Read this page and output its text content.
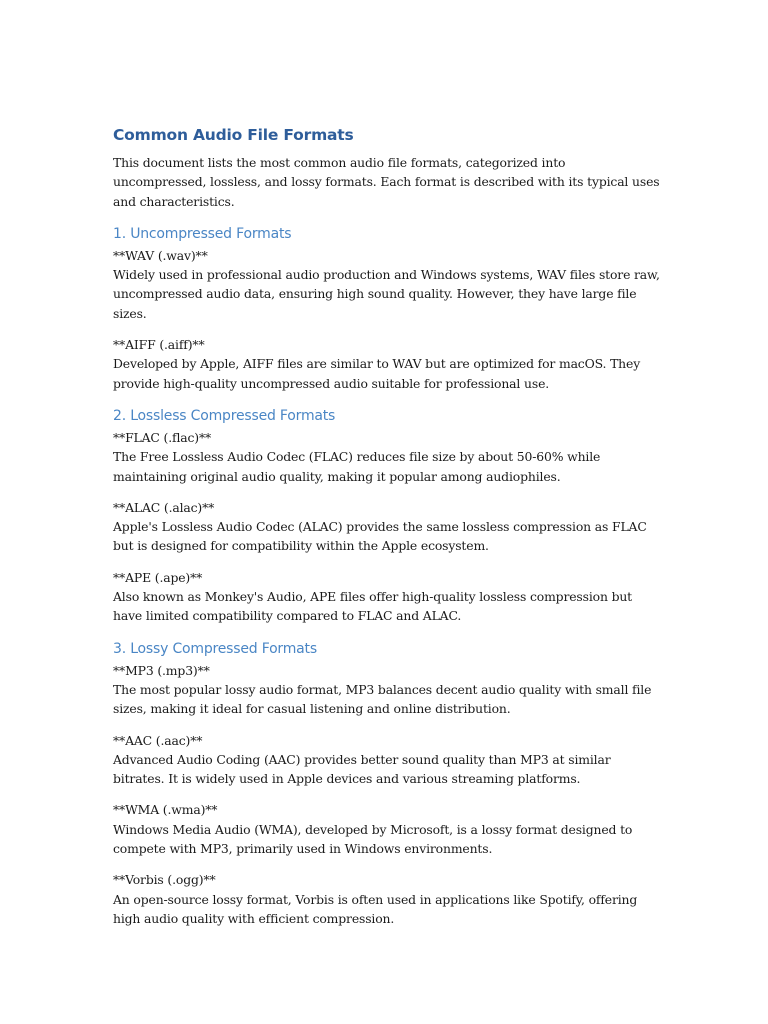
Common Audio File Formats

This document lists the most common audio file formats, categorized into uncompressed, lossless, and lossy formats. Each format is described with its typical uses and characteristics.

1. Uncompressed Formats

**WAV (.wav)**

Widely used in professional audio production and Windows systems, WAV files store raw, uncompressed audio data, ensuring high sound quality. However, they have large file sizes.

**AIFF (.aiff)**

Developed by Apple, AIFF files are similar to WAV but are optimized for macOS. They provide high-quality uncompressed audio suitable for professional use.

2. Lossless Compressed Formats

**FLAC (.flac)**

The Free Lossless Audio Codec (FLAC) reduces file size by about 50-60% while maintaining original audio quality, making it popular among audiophiles.

**ALAC (.alac)**

Apple's Lossless Audio Codec (ALAC) provides the same lossless compression as FLAC but is designed for compatibility within the Apple ecosystem.

**APE (.ape)**

Also known as Monkey's Audio, APE files offer high-quality lossless compression but have limited compatibility compared to FLAC and ALAC.

3. Lossy Compressed Formats

**MP3 (.mp3)**

The most popular lossy audio format, MP3 balances decent audio quality with small file sizes, making it ideal for casual listening and online distribution.

**AAC (.aac)**

Advanced Audio Coding (AAC) provides better sound quality than MP3 at similar bitrates. It is widely used in Apple devices and various streaming platforms.

**WMA (.wma)**

Windows Media Audio (WMA), developed by Microsoft, is a lossy format designed to compete with MP3, primarily used in Windows environments.

**Vorbis (.ogg)**

An open-source lossy format, Vorbis is often used in applications like Spotify, offering high audio quality with efficient compression.
